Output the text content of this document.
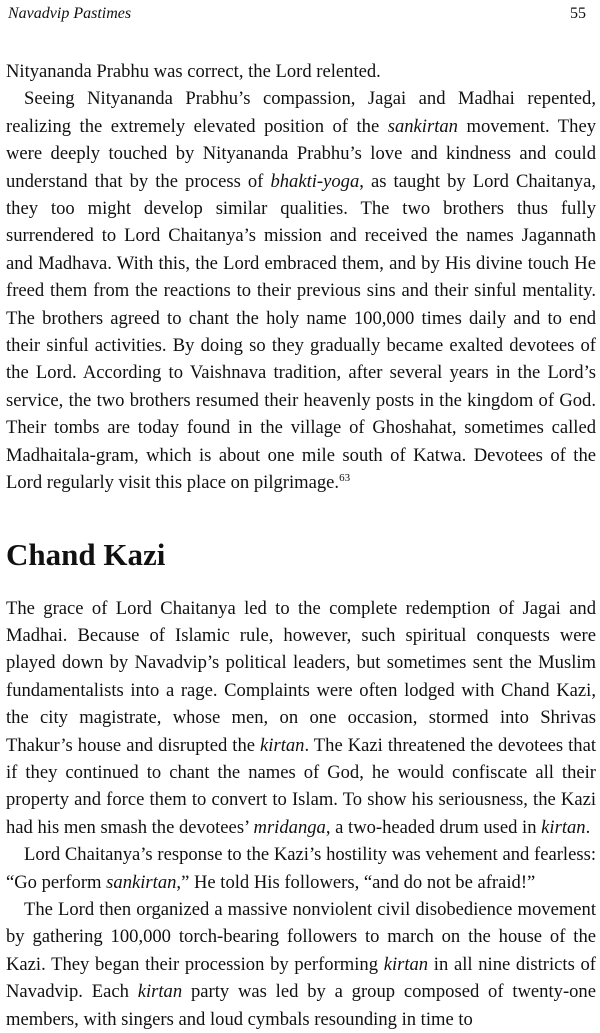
Navadvip Pastimes	55

Nityananda Prabhu was correct, the Lord relented.

Seeing Nityananda Prabhu’s compassion, Jagai and Madhai repented, realizing the extremely elevated position of the sankirtan movement. They were deeply touched by Nityananda Prabhu’s love and kindness and could understand that by the process of bhakti-yoga, as taught by Lord Chaitanya, they too might develop similar qualities. The two brothers thus fully surrendered to Lord Chaitanya’s mission and received the names Jagannath and Madhava. With this, the Lord embraced them, and by His divine touch He freed them from the reactions to their previous sins and their sinful mentality. The brothers agreed to chant the holy name 100,000 times daily and to end their sinful activities. By doing so they gradually became exalted devotees of the Lord. According to Vaishnava tradition, after several years in the Lord’s service, the two brothers resumed their heavenly posts in the kingdom of God. Their tombs are today found in the village of Ghoshahat, sometimes called Madhaitala-gram, which is about one mile south of Katwa. Devotees of the Lord regularly visit this place on pilgrimage.$^{63}$

Chand Kazi

The grace of Lord Chaitanya led to the complete redemption of Jagai and Madhai. Because of Islamic rule, however, such spiritual conquests were played down by Navadvip’s political leaders, but sometimes sent the Muslim fundamentalists into a rage. Complaints were often lodged with Chand Kazi, the city magistrate, whose men, on one occasion, stormed into Shrivas Thakur’s house and disrupted the kirtan. The Kazi threatened the devotees that if they continued to chant the names of God, he would confiscate all their property and force them to convert to Islam. To show his seriousness, the Kazi had his men smash the devotees’ mridanga, a two-headed drum used in kirtan.

Lord Chaitanya’s response to the Kazi’s hostility was vehement and fearless: “Go perform sankirtan,” He told His followers, “and do not be afraid!”

The Lord then organized a massive nonviolent civil disobedience movement by gathering 100,000 torch-bearing followers to march on the house of the Kazi. They began their procession by performing kirtan in all nine districts of Navadvip. Each kirtan party was led by a group composed of twenty-one members, with singers and loud cymbals resounding in time to
